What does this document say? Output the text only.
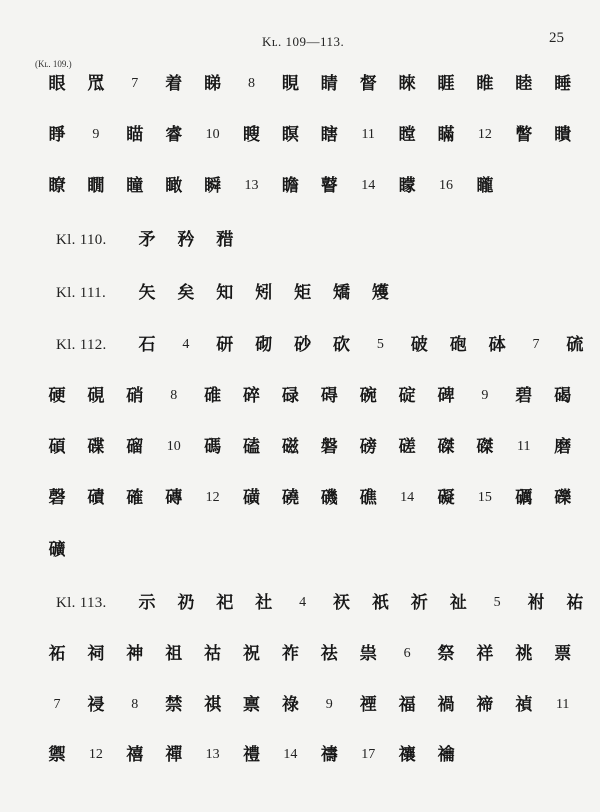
Kʟ. 109—113.	25
(Kʟ. 109.)
眼 罛	7	着 睇	8	睍 睛 督 睞 睚 睢 睦 睡
睜	9	瞄 睿	10	瞍 瞑 瞎	11	瞠 瞞	12	瞥 瞶
瞭 瞯 瞳 瞰 瞬	13	瞻 瞽	14	矇	16	矓
Kl. 110. 矛 矜 矠
Kl. 111. 矢 矣 知 矧 矩 矯 矱
Kl. 112. 石	4	研 砌 砂 砍	5	破 砲 砵	7	硫
硬 硯 硝	8	碓 碎 碌 碍 碗 碇 碑	9	碧 碣
碩 碟 磂	10	碼 磕 磁 磐 磅 磋 磔 磔	11	磨
磬 磧 確 磚	12	磺 磽 磯 礁	14	礙	15	礪 礫
礦
Kl. 113. 示 礽 祀 社	4	祆 祇 祈 祉	5	祔 祐
祏 祠 神 祖 祜 祝 祚 祛 祟	6	祭 祥 祧 票
7	祲	8	禁 祺 禀 祿	9	禋 福 禍 禘 禎	11
禦	12	禧 禪	13	禮	14	禱	17	禳 禴
